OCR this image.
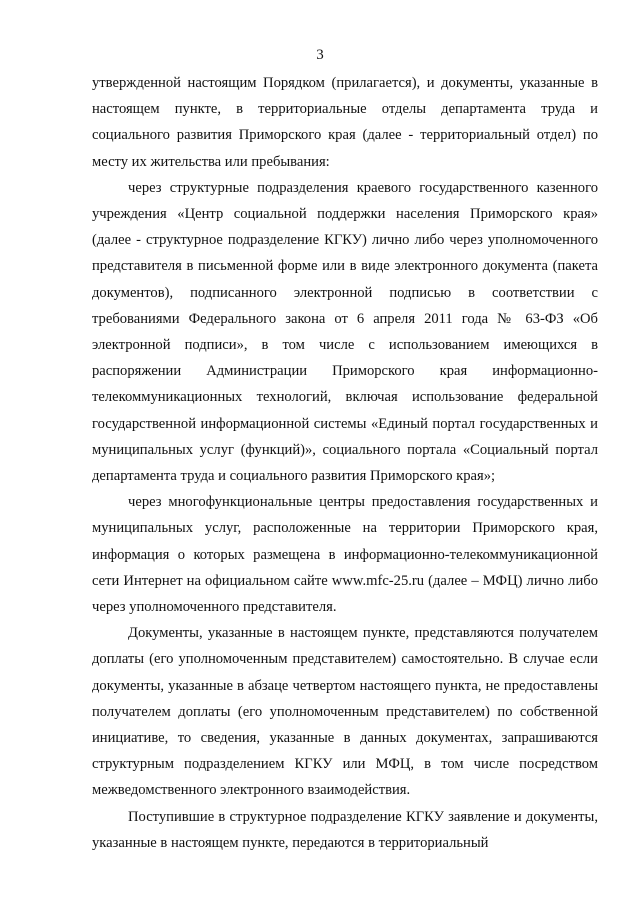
3

утвержденной настоящим Порядком (прилагается), и документы, указанные в настоящем пункте, в территориальные отделы департамента труда и социального развития Приморского края (далее - территориальный отдел) по месту их жительства или пребывания:

через структурные подразделения краевого государственного казенного учреждения «Центр социальной поддержки населения Приморского края» (далее - структурное подразделение КГКУ) лично либо через уполномоченного представителя в письменной форме или в виде электронного документа (пакета документов), подписанного электронной подписью в соответствии с требованиями Федерального закона от 6 апреля 2011 года № 63-ФЗ «Об электронной подписи», в том числе с использованием имеющихся в распоряжении Администрации Приморского края информационно-телекоммуникационных технологий, включая использование федеральной государственной информационной системы «Единый портал государственных и муниципальных услуг (функций)», социального портала «Социальный портал департамента труда и социального развития Приморского края»;

через многофункциональные центры предоставления государственных и муниципальных услуг, расположенные на территории Приморского края, информация о которых размещена в информационно-телекоммуникационной сети Интернет на официальном сайте www.mfc-25.ru (далее – МФЦ) лично либо через уполномоченного представителя.

Документы, указанные в настоящем пункте, представляются получателем доплаты (его уполномоченным представителем) самостоятельно. В случае если документы, указанные в абзаце четвертом настоящего пункта, не предоставлены получателем доплаты (его уполномоченным представителем) по собственной инициативе, то сведения, указанные в данных документах, запрашиваются структурным подразделением КГКУ или МФЦ, в том числе посредством межведомственного электронного взаимодействия.

Поступившие в структурное подразделение КГКУ заявление и документы, указанные в настоящем пункте, передаются в территориальный
